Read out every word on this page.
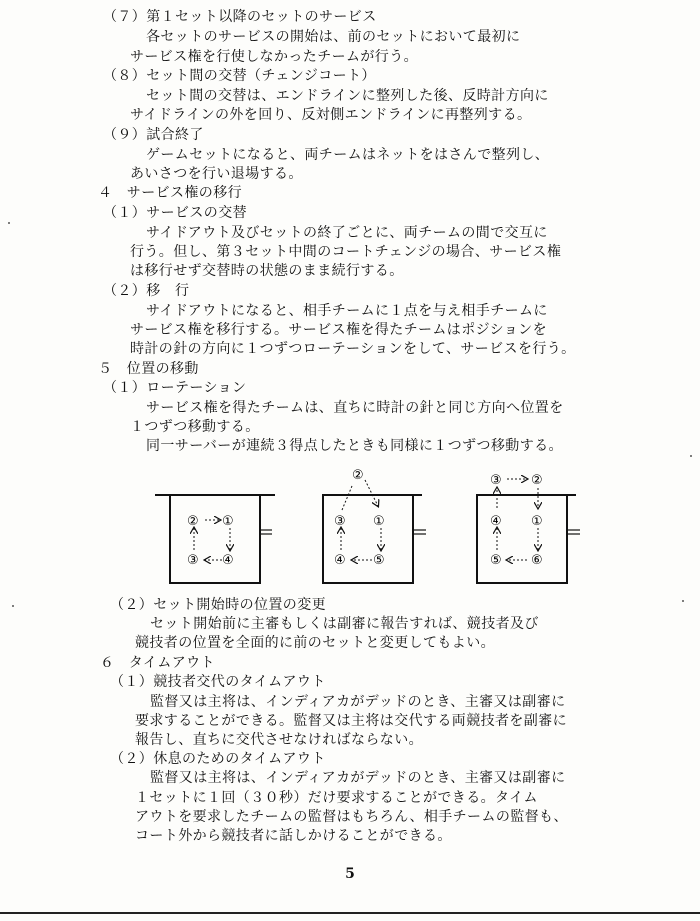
（７）第１セット以降のセットのサービス
各セットのサービスの開始は、前のセットにおいて最初に
サービス権を行使しなかったチームが行う。
（８）セット間の交替（チェンジコート）
セット間の交替は、エンドラインに整列した後、反時計方向に
サイドラインの外を回り、反対側エンドラインに再整列する。
（９）試合終了
ゲームセットになると、両チームはネットをはさんで整列し、
あいさつを行い退場する。
４　サービス権の移行
（１）サービスの交替
サイドアウト及びセットの終了ごとに、両チームの間で交互に
行う。但し、第３セット中間のコートチェンジの場合、サービス権
は移行せず交替時の状態のまま続行する。
（２）移　行
サイドアウトになると、相手チームに１点を与え相手チームに
サービス権を移行する。サービス権を得たチームはポジションを
時計の針の方向に１つずつローテーションをして、サービスを行う。
５　位置の移動
（１）ローテーション
サービス権を得たチームは、直ちに時計の針と同じ方向へ位置を
１つずつ移動する。
同一サーバーが連続３得点したときも同様に１つずつ移動する。
② ①
③ ④
②
③ ①
④ ⑤
③ ②
④ ①
⑤ ⑥
（２）セット開始時の位置の変更
セット開始前に主審もしくは副審に報告すれば、競技者及び
競技者の位置を全面的に前のセットと変更してもよい。
６　タイムアウト
（１）競技者交代のタイムアウト
監督又は主将は、インディアカがデッドのとき、主審又は副審に
要求することができる。監督又は主将は交代する両競技者を副審に
報告し、直ちに交代させなければならない。
（２）休息のためのタイムアウト
監督又は主将は、インディアカがデッドのとき、主審又は副審に
１セットに１回（３０秒）だけ要求することができる。タイム
アウトを要求したチームの監督はもちろん、相手チームの監督も、
コート外から競技者に話しかけることができる。
5
